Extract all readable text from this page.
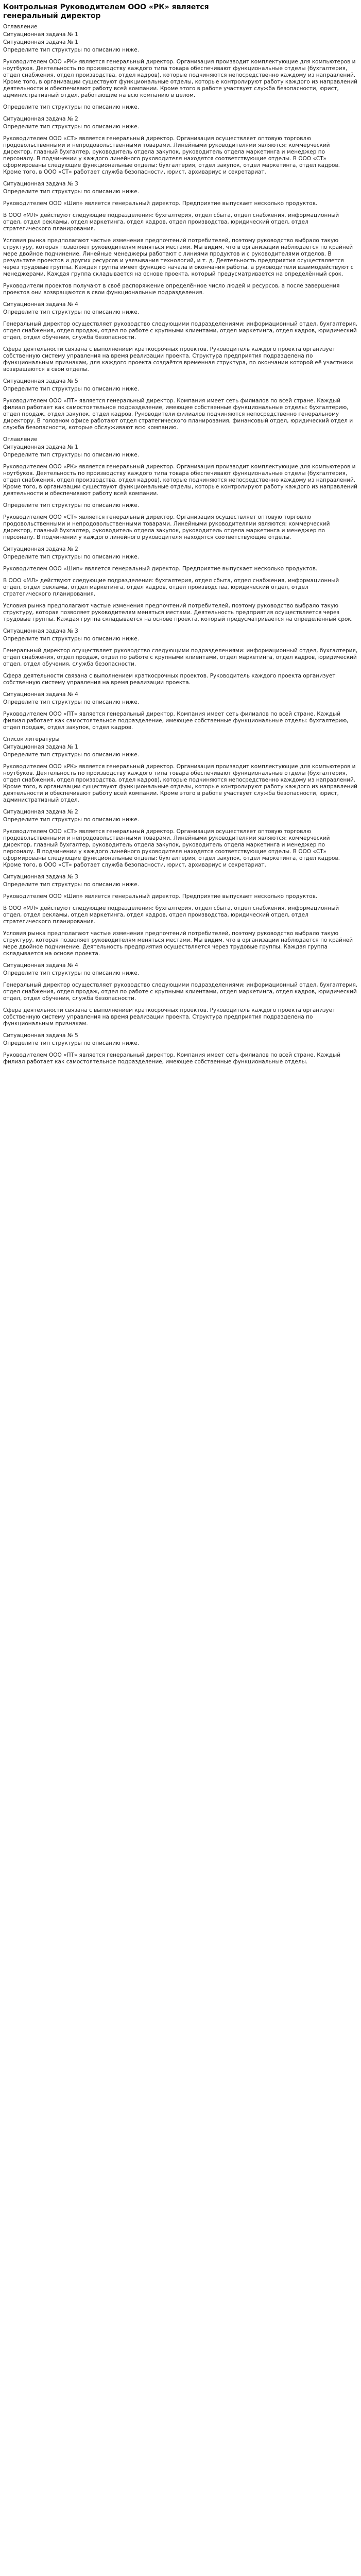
Контрольная Руководителем ООО «РК» является генеральный директор
Оглавление
Ситуационная задача № 1
Ситуационная задача № 1
Определите тип структуры по описанию ниже.
Руководителем ООО «РК» является генеральный директор. Организация производит комплектующие для компьютеров и ноутбуков. Деятельность по производству каждого типа товара обеспечивают функциональные отделы (бухгалтерия, отдел снабжения, отдел производства, отдел кадров), которые подчиняются непосредственно каждому из направлений. Кроме того, в организации существуют функциональные отделы, которые контролируют работу каждого из направлений деятельности и обеспечивают работу всей компании. Кроме этого в работе участвует служба безопасности, юрист, административный отдел, работающие на всю компанию в целом.
Определите тип структуры по описанию ниже.
Ситуационная задача № 2
Определите тип структуры по описанию ниже.
Руководителем ООО «СТ» является генеральный директор. Организация осуществляет оптовую торговлю продовольственными и непродовольственными товарами. Линейными руководителями являются: коммерческий директор, главный бухгалтер, руководитель отдела закупок, руководитель отдела маркетинга и менеджер по персоналу. В подчинении у каждого линейного руководителя находятся соответствующие отделы. В ООО «СТ» сформированы следующие функциональные отделы: бухгалтерия, отдел закупок, отдел маркетинга, отдел кадров. Кроме того, в ООО «СТ» работает служба безопасности, юрист, архивариус и секретариат.
Ситуационная задача № 3
Определите тип структуры по описанию ниже.
Руководителем ООО «Шип» является генеральный директор. Предприятие выпускает несколько продуктов.
В ООО «МЛ» действуют следующие подразделения: бухгалтерия, отдел сбыта, отдел снабжения, информационный отдел, отдел рекламы, отдел маркетинга, отдел кадров, отдел производства, юридический отдел, отдел стратегического планирования.
Условия рынка предполагают частые изменения предпочтений потребителей, поэтому руководство выбрало такую структуру, которая позволяет руководителям меняться местами. Мы видим, что в организации наблюдается по крайней мере двойное подчинение. Линейные менеджеры работают с линиями продуктов и с руководителями отделов. В результате проектов и других ресурсов и увязывания технологий, и т. д. Деятельность предприятия осуществляется через трудовые группы. Каждая группа имеет функцию начала и окончания работы, а руководители взаимодействуют с менеджерами. Каждая группа складывается на основе проекта, который предусматривается на определённый срок.
Руководители проектов получают в своё распоряжение определённое число людей и ресурсов, а после завершения проектов они возвращаются в свои функциональные подразделения.
Ситуационная задача № 4
Определите тип структуры по описанию ниже.
Генеральный директор осуществляет руководство следующими подразделениями: информационный отдел, бухгалтерия, отдел снабжения, отдел продаж, отдел по работе с крупными клиентами, отдел маркетинга, отдел кадров, юридический отдел, отдел обучения, служба безопасности.
Сфера деятельности связана с выполнением краткосрочных проектов. Руководитель каждого проекта организует собственную систему управления на время реализации проекта. Структура предприятия подразделена по функциональным признакам, для каждого проекта создаётся временная структура, по окончании которой её участники возвращаются в свои отделы.
Ситуационная задача № 5
Определите тип структуры по описанию ниже.
Руководителем ООО «ПТ» является генеральный директор. Компания имеет сеть филиалов по всей стране. Каждый филиал работает как самостоятельное подразделение, имеющее собственные функциональные отделы: бухгалтерию, отдел продаж, отдел закупок, отдел кадров. Руководители филиалов подчиняются непосредственно генеральному директору. В головном офисе работают отдел стратегического планирования, финансовый отдел, юридический отдел и служба безопасности, которые обслуживают всю компанию.
Оглавление
Ситуационная задача № 1
Определите тип структуры по описанию ниже.
Руководителем ООО «РК» является генеральный директор. Организация производит комплектующие для компьютеров и ноутбуков. Деятельность по производству каждого типа товара обеспечивают функциональные отделы (бухгалтерия, отдел снабжения, отдел производства, отдел кадров), которые подчиняются непосредственно каждому из направлений. Кроме того, в организации существуют функциональные отделы, которые контролируют работу каждого из направлений деятельности и обеспечивают работу всей компании.
Определите тип структуры по описанию ниже.
Руководителем ООО «СТ» является генеральный директор. Организация осуществляет оптовую торговлю продовольственными и непродовольственными товарами. Линейными руководителями являются: коммерческий директор, главный бухгалтер, руководитель отдела закупок, руководитель отдела маркетинга и менеджер по персоналу. В подчинении у каждого линейного руководителя находятся соответствующие отделы.
Ситуационная задача № 2
Определите тип структуры по описанию ниже.
Руководителем ООО «Шип» является генеральный директор. Предприятие выпускает несколько продуктов.
В ООО «МЛ» действуют следующие подразделения: бухгалтерия, отдел сбыта, отдел снабжения, информационный отдел, отдел рекламы, отдел маркетинга, отдел кадров, отдел производства, юридический отдел, отдел стратегического планирования.
Условия рынка предполагают частые изменения предпочтений потребителей, поэтому руководство выбрало такую структуру, которая позволяет руководителям меняться местами. Деятельность предприятия осуществляется через трудовые группы. Каждая группа складывается на основе проекта, который предусматривается на определённый срок.
Ситуационная задача № 3
Определите тип структуры по описанию ниже.
Генеральный директор осуществляет руководство следующими подразделениями: информационный отдел, бухгалтерия, отдел снабжения, отдел продаж, отдел по работе с крупными клиентами, отдел маркетинга, отдел кадров, юридический отдел, отдел обучения, служба безопасности.
Сфера деятельности связана с выполнением краткосрочных проектов. Руководитель каждого проекта организует собственную систему управления на время реализации проекта.
Ситуационная задача № 4
Определите тип структуры по описанию ниже.
Руководителем ООО «ПТ» является генеральный директор. Компания имеет сеть филиалов по всей стране. Каждый филиал работает как самостоятельное подразделение, имеющее собственные функциональные отделы: бухгалтерию, отдел продаж, отдел закупок, отдел кадров.
Список литературы
Ситуационная задача № 1
Определите тип структуры по описанию ниже.
Руководителем ООО «РК» является генеральный директор. Организация производит комплектующие для компьютеров и ноутбуков. Деятельность по производству каждого типа товара обеспечивают функциональные отделы (бухгалтерия, отдел снабжения, отдел производства, отдел кадров), которые подчиняются непосредственно каждому из направлений. Кроме того, в организации существуют функциональные отделы, которые контролируют работу каждого из направлений деятельности и обеспечивают работу всей компании. Кроме этого в работе участвует служба безопасности, юрист, административный отдел.
Ситуационная задача № 2
Определите тип структуры по описанию ниже.
Руководителем ООО «СТ» является генеральный директор. Организация осуществляет оптовую торговлю продовольственными и непродовольственными товарами. Линейными руководителями являются: коммерческий директор, главный бухгалтер, руководитель отдела закупок, руководитель отдела маркетинга и менеджер по персоналу. В подчинении у каждого линейного руководителя находятся соответствующие отделы. В ООО «СТ» сформированы следующие функциональные отделы: бухгалтерия, отдел закупок, отдел маркетинга, отдел кадров. Кроме того, в ООО «СТ» работает служба безопасности, юрист, архивариус и секретариат.
Ситуационная задача № 3
Определите тип структуры по описанию ниже.
Руководителем ООО «Шип» является генеральный директор. Предприятие выпускает несколько продуктов.
В ООО «МЛ» действуют следующие подразделения: бухгалтерия, отдел сбыта, отдел снабжения, информационный отдел, отдел рекламы, отдел маркетинга, отдел кадров, отдел производства, юридический отдел, отдел стратегического планирования.
Условия рынка предполагают частые изменения предпочтений потребителей, поэтому руководство выбрало такую структуру, которая позволяет руководителям меняться местами. Мы видим, что в организации наблюдается по крайней мере двойное подчинение. Деятельность предприятия осуществляется через трудовые группы. Каждая группа складывается на основе проекта.
Ситуационная задача № 4
Определите тип структуры по описанию ниже.
Генеральный директор осуществляет руководство следующими подразделениями: информационный отдел, бухгалтерия, отдел снабжения, отдел продаж, отдел по работе с крупными клиентами, отдел маркетинга, отдел кадров, юридический отдел, отдел обучения, служба безопасности.
Сфера деятельности связана с выполнением краткосрочных проектов. Руководитель каждого проекта организует собственную систему управления на время реализации проекта. Структура предприятия подразделена по функциональным признакам.
Ситуационная задача № 5
Определите тип структуры по описанию ниже.
Руководителем ООО «ПТ» является генеральный директор. Компания имеет сеть филиалов по всей стране. Каждый филиал работает как самостоятельное подразделение, имеющее собственные функциональные отделы.
